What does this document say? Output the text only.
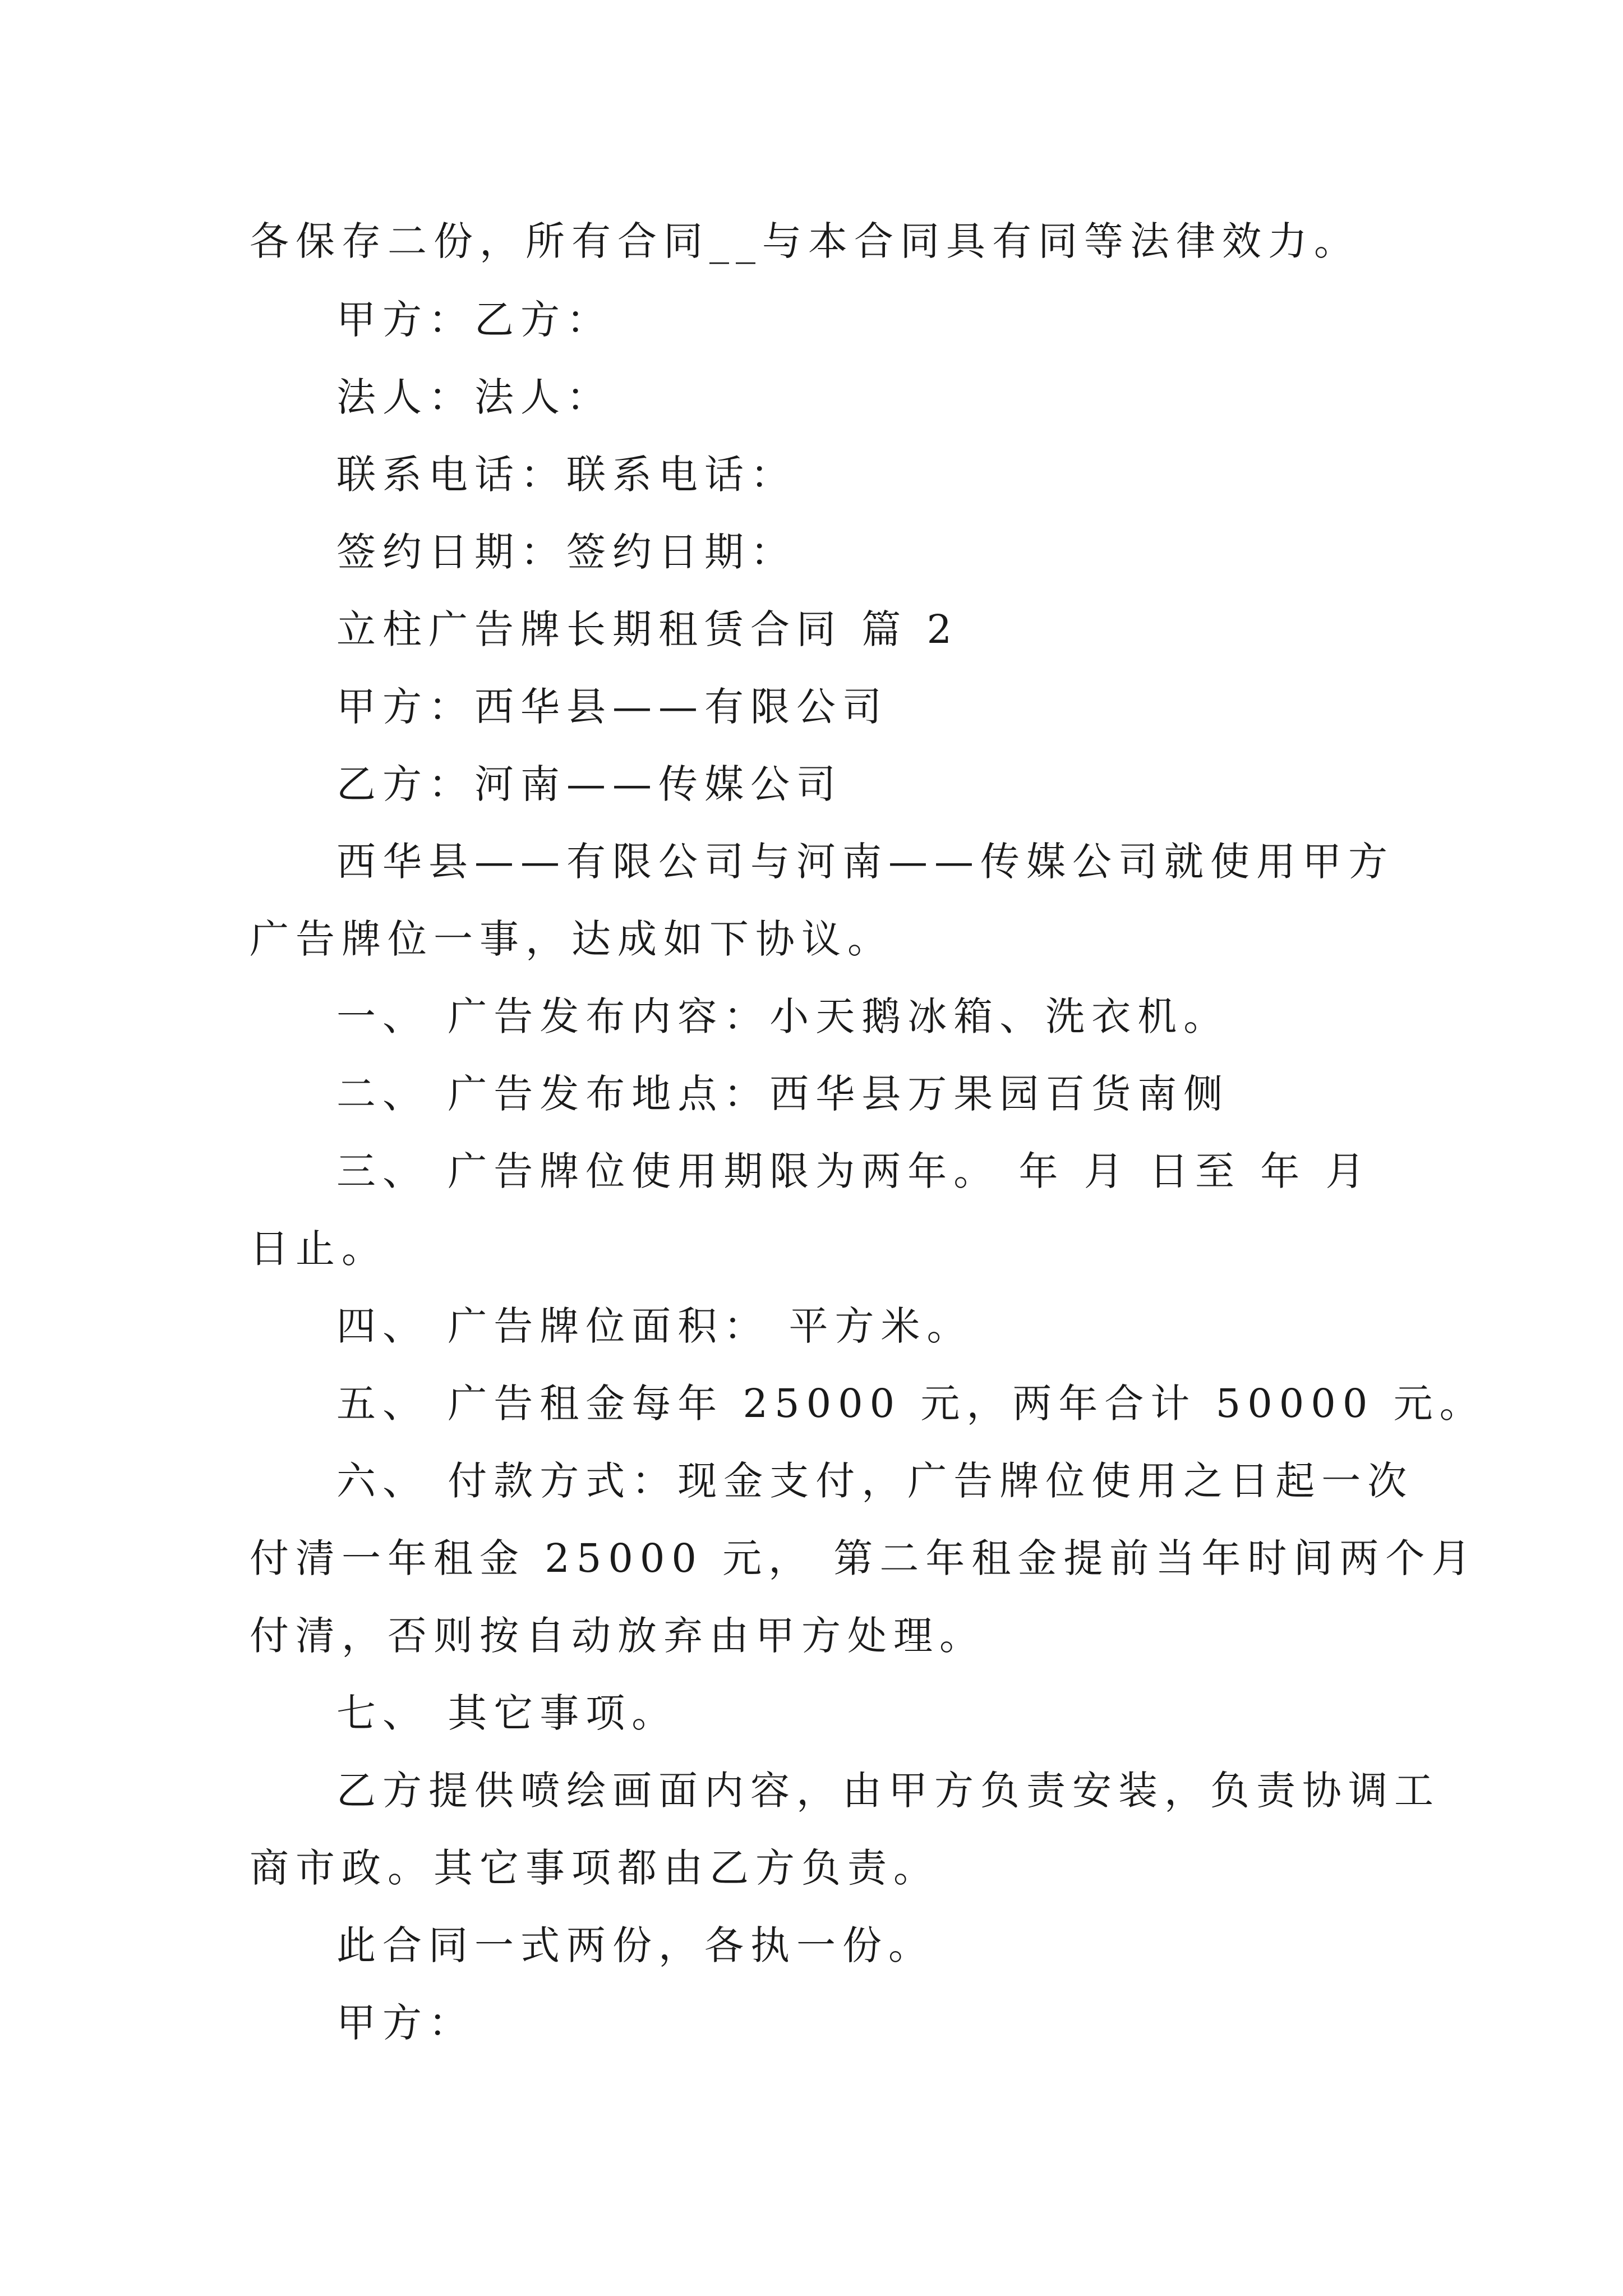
各保存二份，所有合同__与本合同具有同等法律效力。
甲方：乙方：
法人：法人：
联系电话：联系电话：
签约日期：签约日期：
立柱广告牌长期租赁合同 篇 2
甲方：西华县——有限公司
乙方：河南——传媒公司
西华县——有限公司与河南——传媒公司就使用甲方
广告牌位一事，达成如下协议。
一、 广告发布内容：小天鹅冰箱、洗衣机。
二、 广告发布地点：西华县万果园百货南侧
三、 广告牌位使用期限为两年。 年 月 日至 年 月
日止。
四、 广告牌位面积： 平方米。
五、 广告租金每年 25000 元，两年合计 50000 元。
六、 付款方式：现金支付，广告牌位使用之日起一次
付清一年租金 25000 元， 第二年租金提前当年时间两个月
付清，否则按自动放弃由甲方处理。
七、 其它事项。
乙方提供喷绘画面内容，由甲方负责安装，负责协调工
商市政。其它事项都由乙方负责。
此合同一式两份，各执一份。
甲方：
